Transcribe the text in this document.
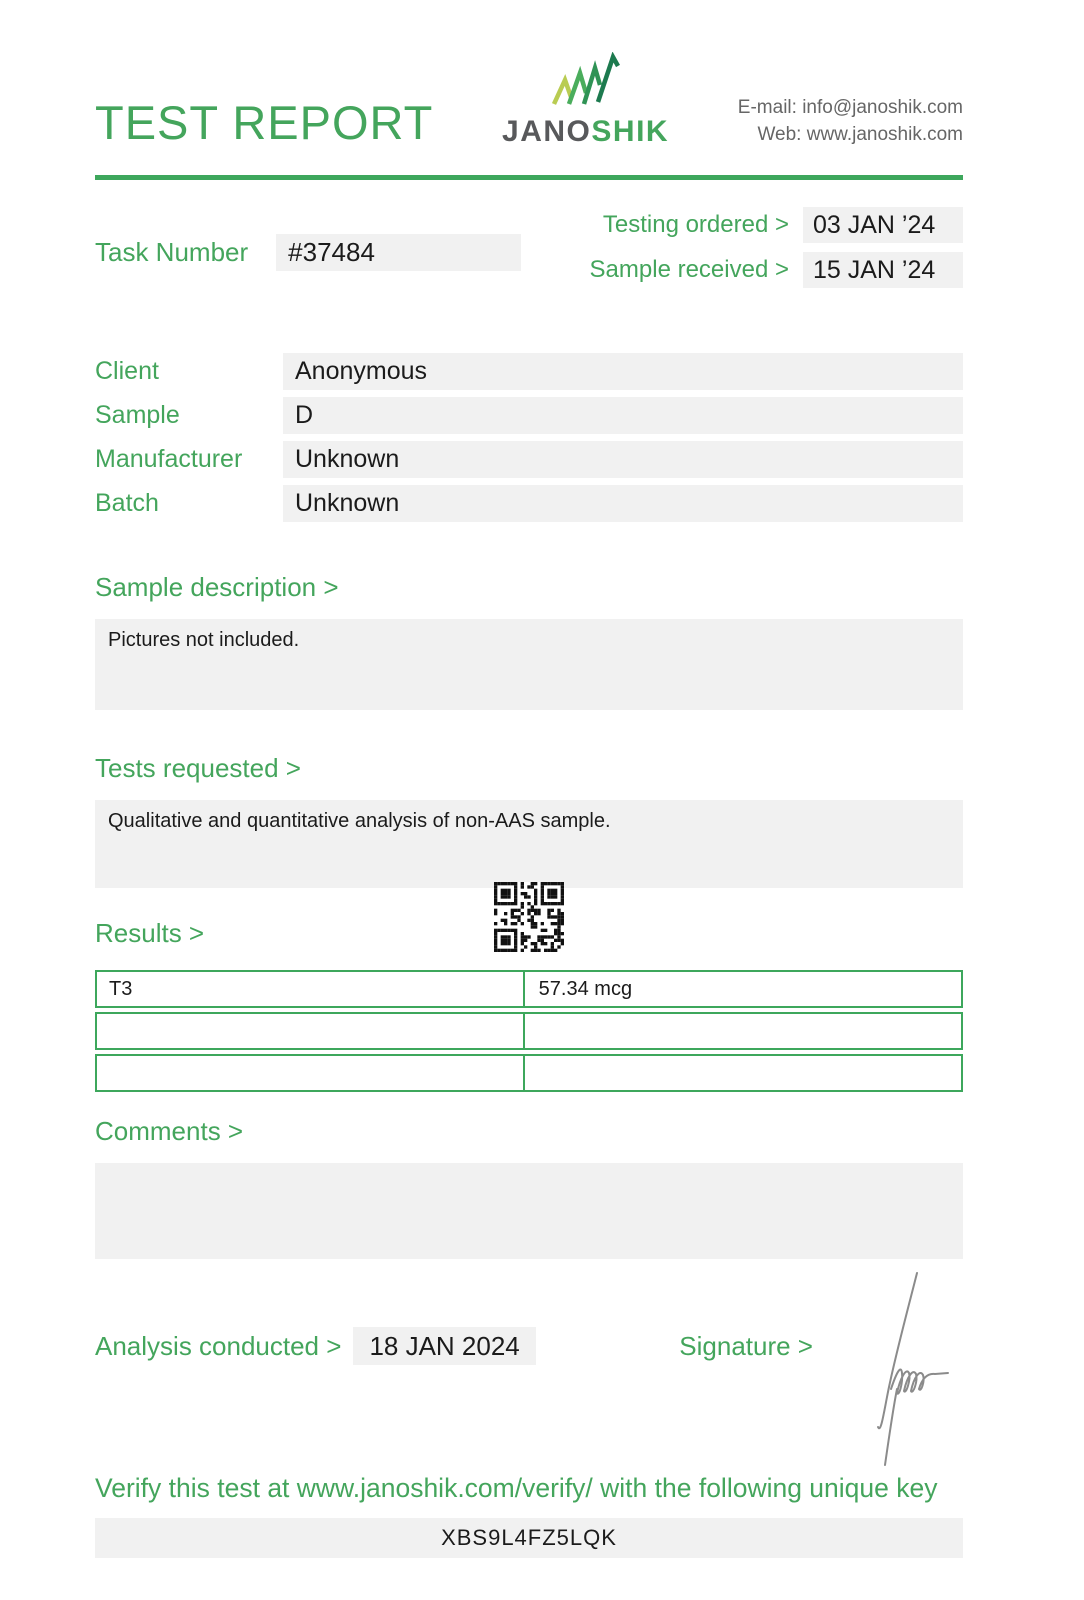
TEST REPORT JANOSHIK
E-mail: info@janoshik.com
Web: www.janoshik.com
Task Number	#37484
Testing ordered > 03 JAN ’24
Sample received > 15 JAN ’24
Client	Anonymous
Sample	D
Manufacturer	Unknown
Batch	Unknown
Sample description >
Pictures not included.
Tests requested >
Qualitative and quantitative analysis of non-AAS sample.
Results >
T3	57.34 mcg
Comments >
Analysis conducted >	18 JAN 2024	Signature >
Verify this test at www.janoshik.com/verify/ with the following unique key
XBS9L4FZ5LQK
